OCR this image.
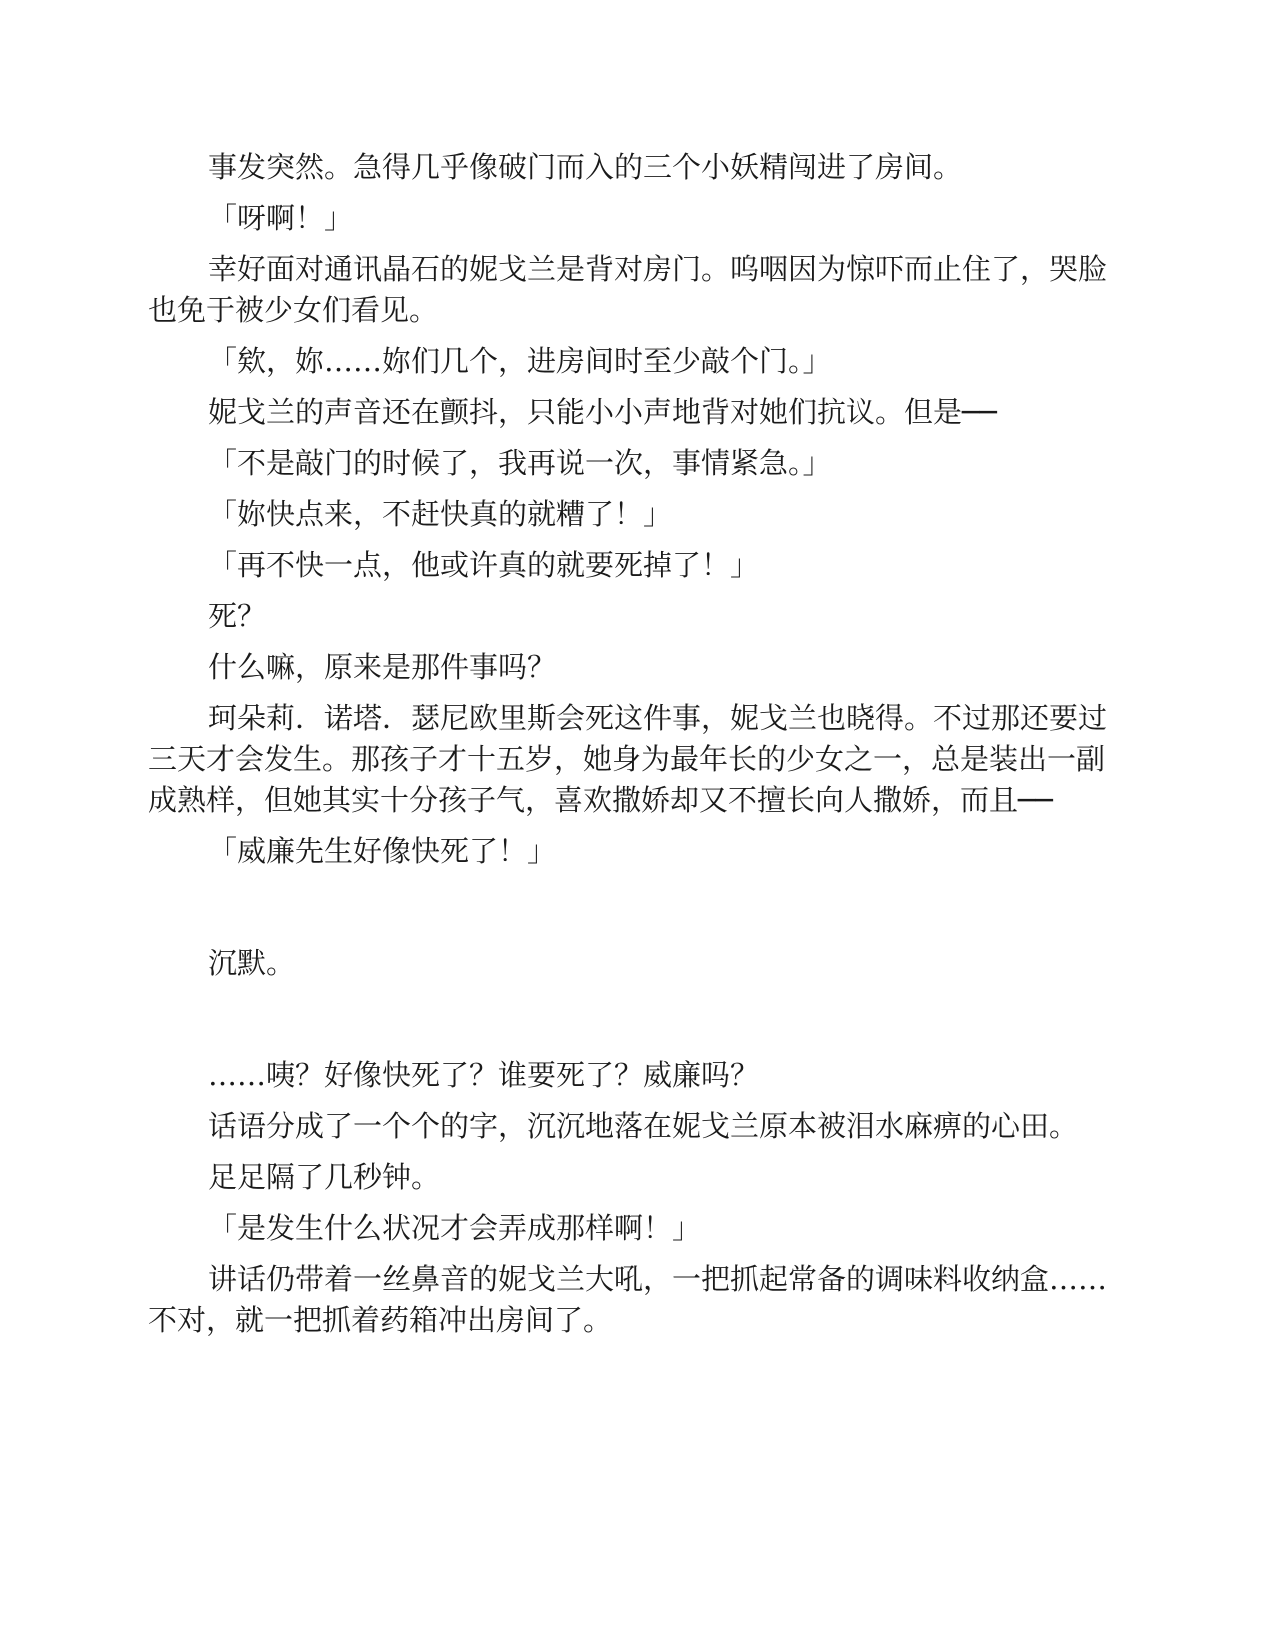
事发突然。急得几乎像破门而入的三个小妖精闯进了房间。

「呀啊！」

幸好面对通讯晶石的妮戈兰是背对房门。呜咽因为惊吓而止住了，哭脸也免于被少女们看见。

「欸，妳……妳们几个，进房间时至少敲个门。」

妮戈兰的声音还在颤抖，只能小小声地背对她们抗议。但是──

「不是敲门的时候了，我再说一次，事情紧急。」

「妳快点来，不赶快真的就糟了！」

「再不快一点，他或许真的就要死掉了！」

死？

什么嘛，原来是那件事吗？

珂朵莉．诺塔．瑟尼欧里斯会死这件事，妮戈兰也晓得。不过那还要过三天才会发生。那孩子才十五岁，她身为最年长的少女之一，总是装出一副成熟样，但她其实十分孩子气，喜欢撒娇却又不擅长向人撒娇，而且──

「威廉先生好像快死了！」

沉默。

……咦？好像快死了？谁要死了？威廉吗？

话语分成了一个个的字，沉沉地落在妮戈兰原本被泪水麻痹的心田。

足足隔了几秒钟。

「是发生什么状况才会弄成那样啊！」

讲话仍带着一丝鼻音的妮戈兰大吼，一把抓起常备的调味料收纳盒……不对，就一把抓着药箱冲出房间了。
